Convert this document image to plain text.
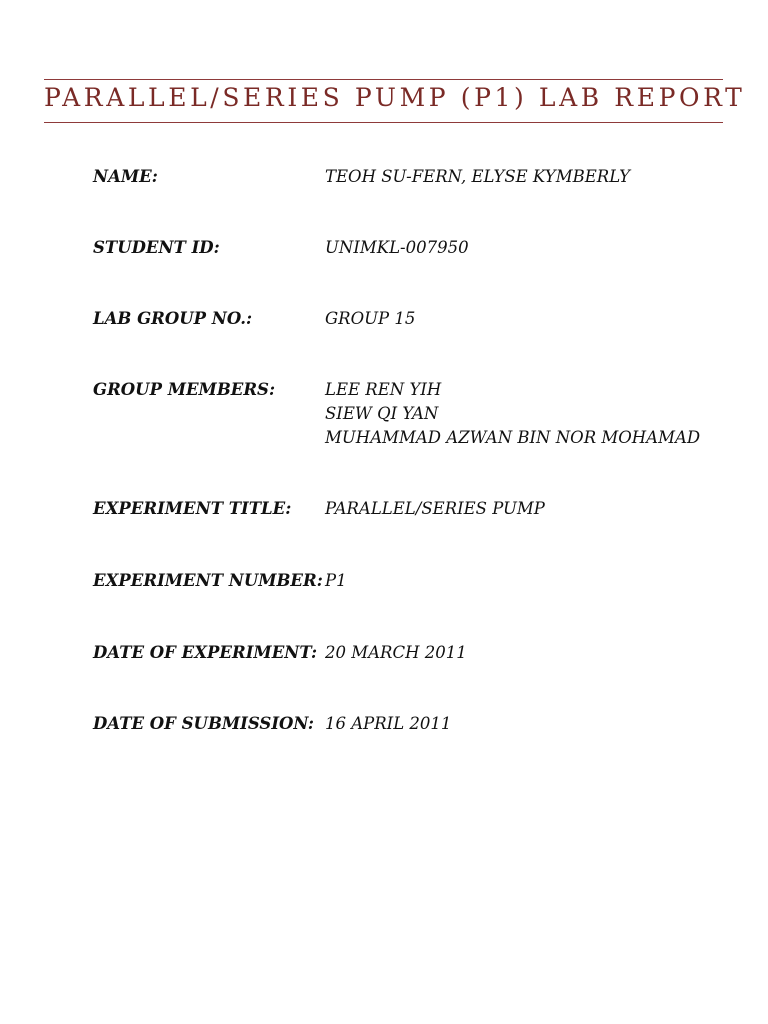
PARALLEL/SERIES PUMP (P1) LAB REPORT
NAME:	TEOH SU-FERN, ELYSE KYMBERLY
STUDENT ID:	UNIMKL-007950
LAB GROUP NO.:	GROUP 15
GROUP MEMBERS:	LEE REN YIH
SIEW QI YAN
MUHAMMAD AZWAN BIN NOR MOHAMAD
EXPERIMENT TITLE: PARALLEL/SERIES PUMP
EXPERIMENT NUMBER: P1
DATE OF EXPERIMENT: 20 MARCH 2011
DATE OF SUBMISSION: 16 APRIL 2011
